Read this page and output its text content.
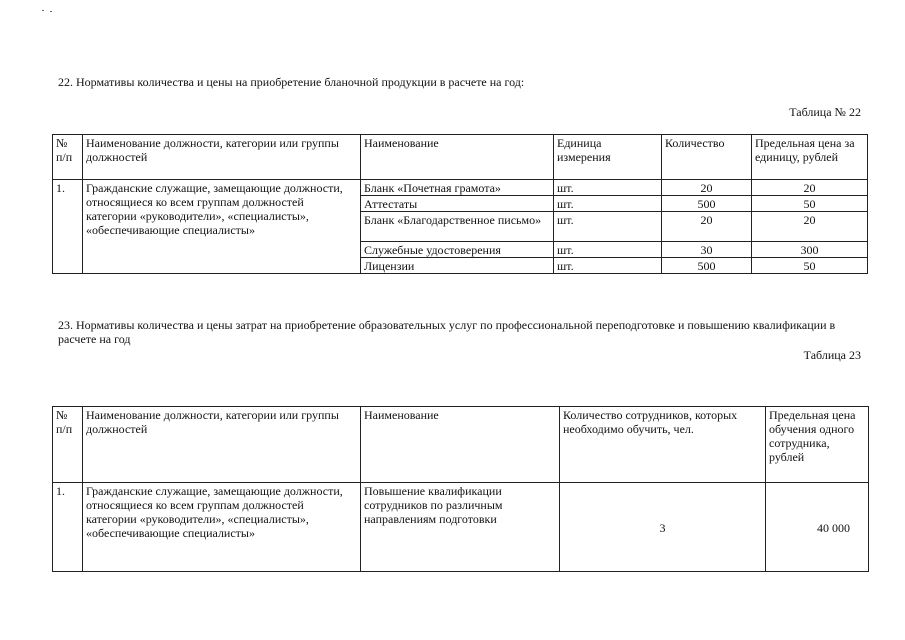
22. Нормативы количества и цены на приобретение бланочной продукции в расчете на год:

Таблица № 22

№ п/п	Наименование должности, категории или группы должностей	Наименование	Единица измерения	Количество	Предельная цена за единицу, рублей
1.	Гражданские служащие, замещающие должности, относящиеся ко всем группам должностей категории «руководители», «специалисты», «обеспечивающие специалисты»	Бланк «Почетная грамота»	шт.	20	20
		Аттестаты	шт.	500	50
		Бланк «Благодарственное письмо»	шт.	20	20
		Служебные удостоверения	шт.	30	300
		Лицензии	шт.	500	50

23. Нормативы количества и цены затрат на приобретение образовательных услуг по профессиональной переподготовке и повышению квалификации в расчете на год

Таблица 23

№ п/п	Наименование должности, категории или группы должностей	Наименование	Количество сотрудников, которых необходимо обучить, чел.	Предельная цена обучения одного сотрудника, рублей
1.	Гражданские служащие, замещающие должности, относящиеся ко всем группам должностей категории «руководители», «специалисты», «обеспечивающие специалисты»	Повышение квалификации сотрудников по различным направлениям подготовки	3	40 000
